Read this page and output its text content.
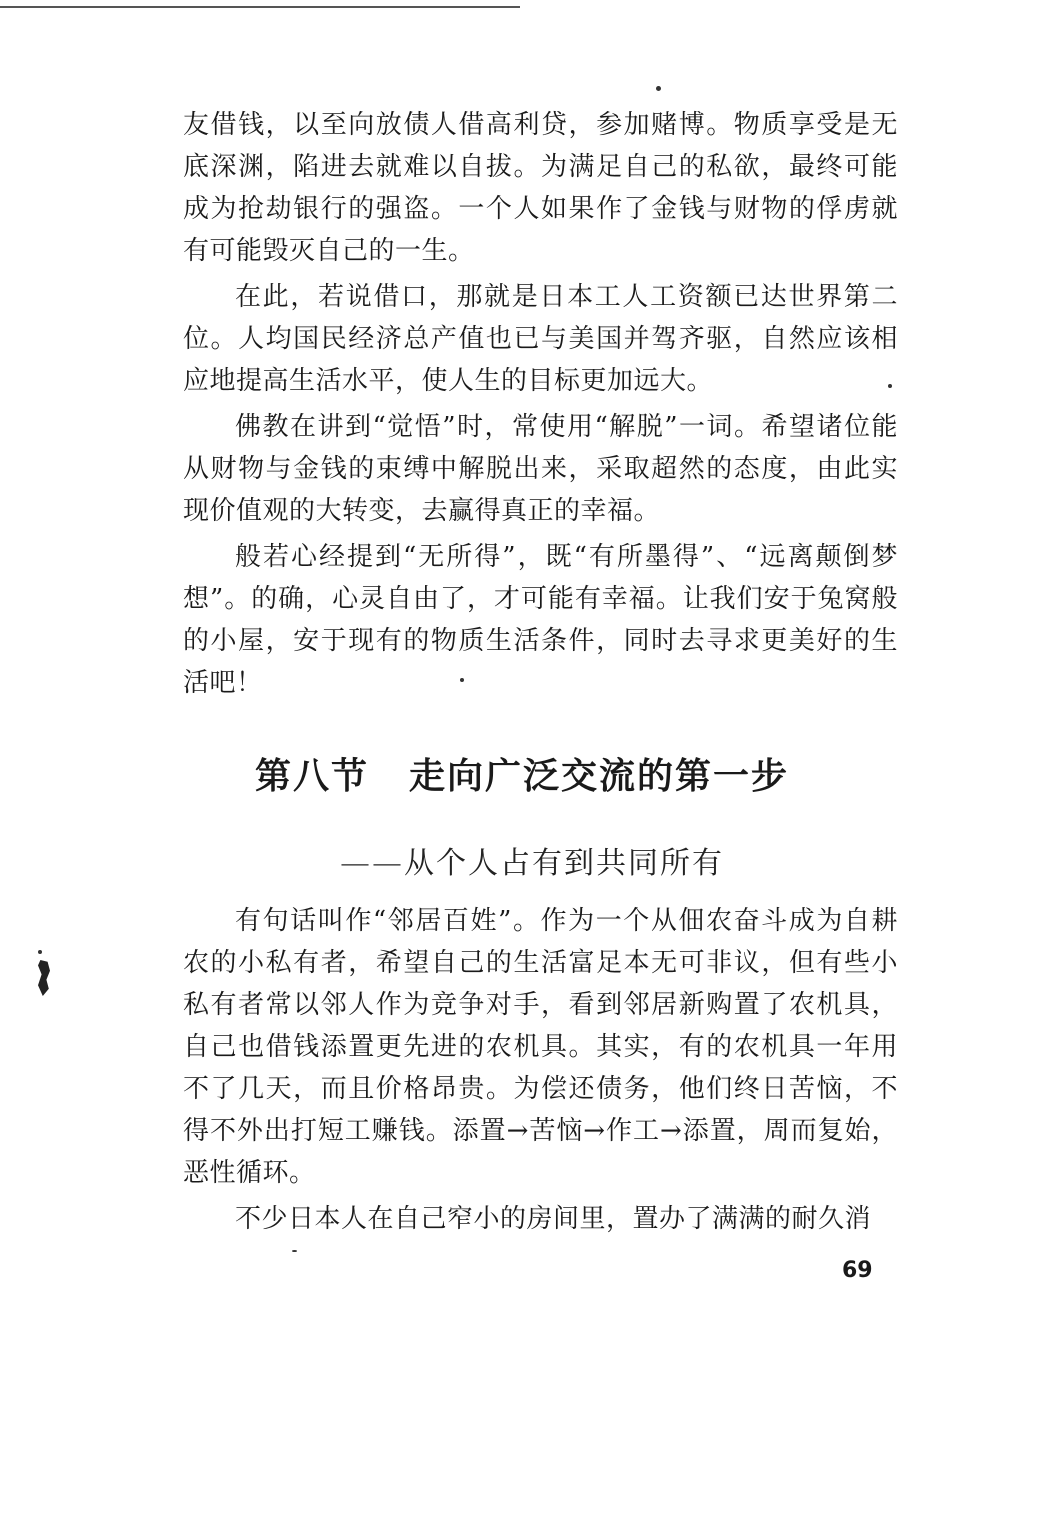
友借钱，以至向放债人借高利贷，参加赌博。物质享受是无底深渊，陷进去就难以自拔。为满足自己的私欲，最终可能成为抢劫银行的强盗。一个人如果作了金钱与财物的俘虏就有可能毁灭自己的一生。

在此，若说借口，那就是日本工人工资额已达世界第二位。人均国民经济总产值也已与美国并驾齐驱，自然应该相应地提高生活水平，使人生的目标更加远大。

佛教在讲到“觉悟”时，常使用“解脱”一词。希望诸位能从财物与金钱的束缚中解脱出来，采取超然的态度，由此实现价值观的大转变，去赢得真正的幸福。

般若心经提到“无所得”，既“有所墨得”、“远离颠倒梦想”。的确，心灵自由了，才可能有幸福。让我们安于兔窝般的小屋，安于现有的物质生活条件，同时去寻求更美好的生活吧！

第八节 走向广泛交流的第一步

——从个人占有到共同所有

有句话叫作“邻居百姓”。作为一个从佃农奋斗成为自耕农的小私有者，希望自己的生活富足本无可非议，但有些小私有者常以邻人作为竞争对手，看到邻居新购置了农机具，自己也借钱添置更先进的农机具。其实，有的农机具一年用不了几天，而且价格昂贵。为偿还债务，他们终日苦恼，不得不外出打短工赚钱。添置→苦恼→作工→添置，周而复始，恶性循环。

不少日本人在自己窄小的房间里，置办了满满的耐久消

69
